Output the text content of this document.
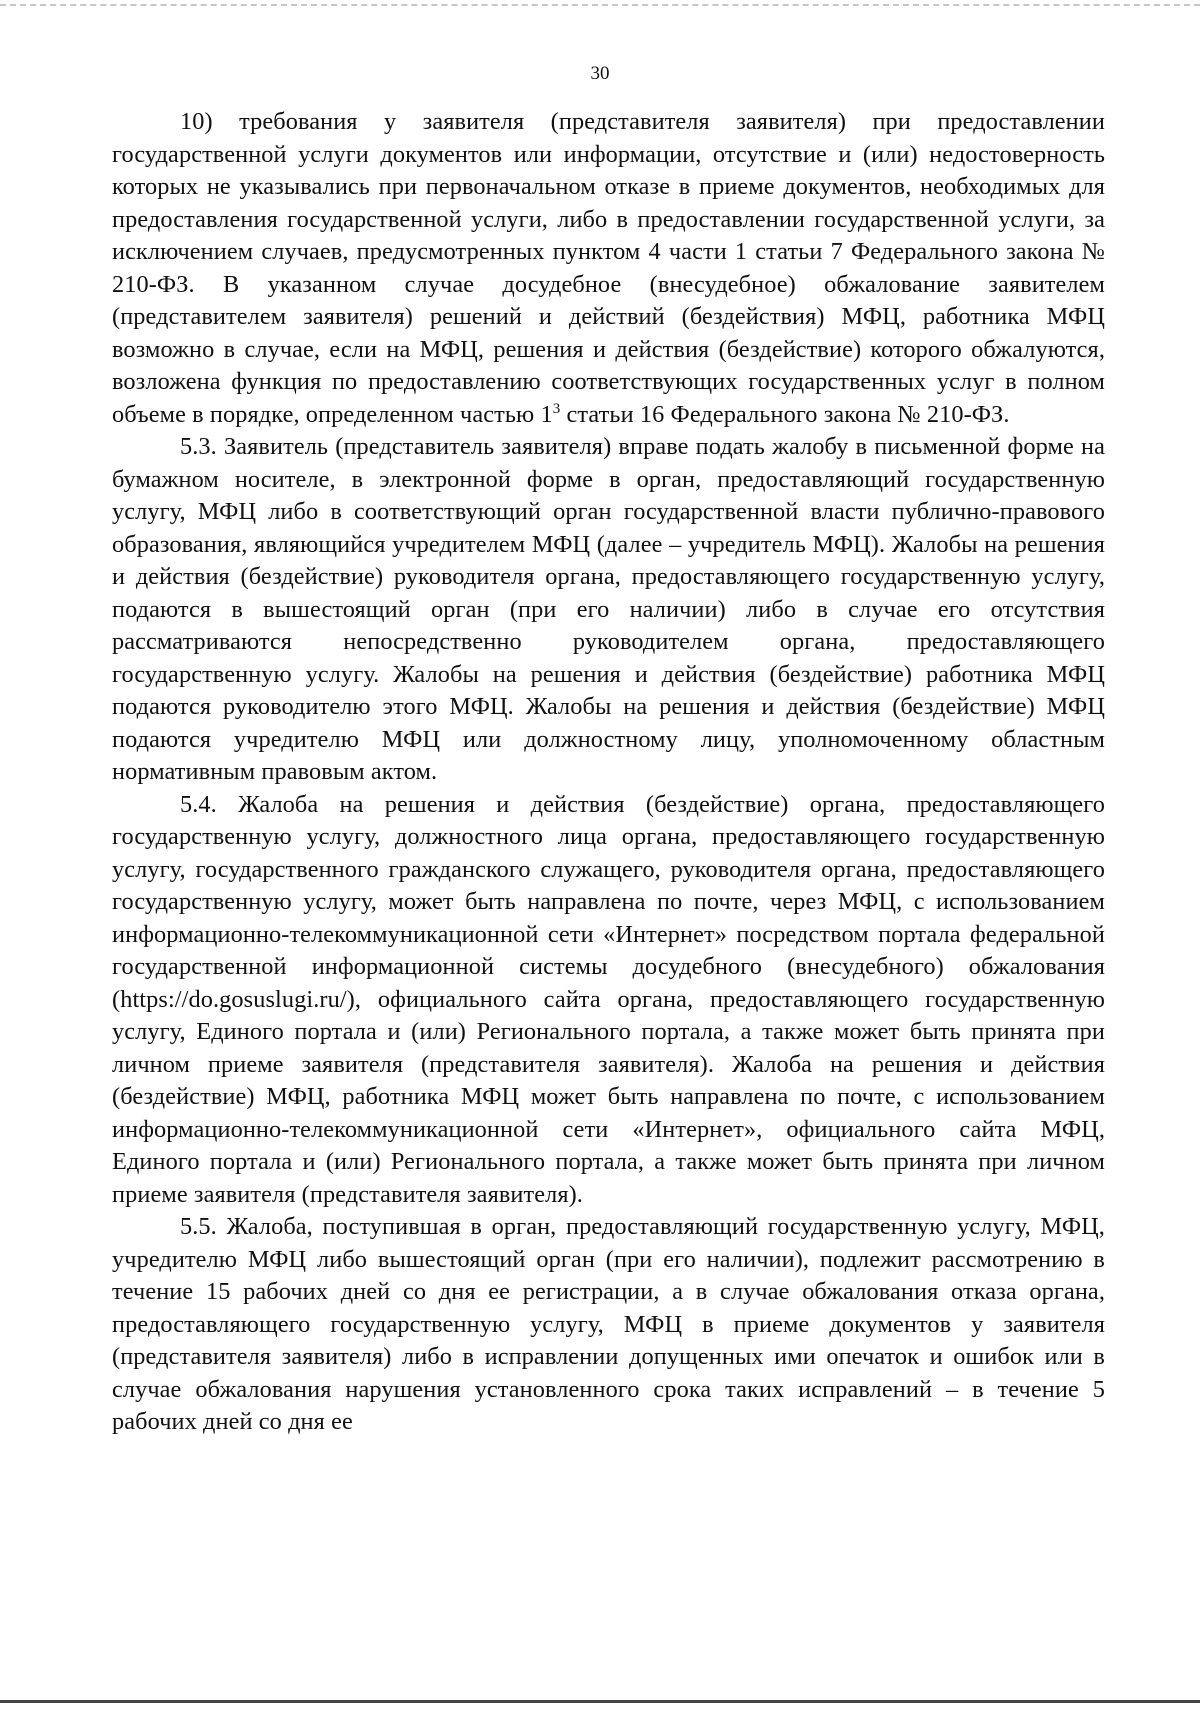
30

10) требования у заявителя (представителя заявителя) при предоставлении государственной услуги документов или информации, отсутствие и (или) недостоверность которых не указывались при первоначальном отказе в приеме документов, необходимых для предоставления государственной услуги, либо в предоставлении государственной услуги, за исключением случаев, предусмотренных пунктом 4 части 1 статьи 7 Федерального закона № 210-ФЗ. В указанном случае досудебное (внесудебное) обжалование заявителем (представителем заявителя) решений и действий (бездействия) МФЦ, работника МФЦ возможно в случае, если на МФЦ, решения и действия (бездействие) которого обжалуются, возложена функция по предоставлению соответствующих государственных услуг в полном объеме в порядке, определенном частью $1^3$ статьи 16 Федерального закона № 210-ФЗ.

5.3. Заявитель (представитель заявителя) вправе подать жалобу в письменной форме на бумажном носителе, в электронной форме в орган, предоставляющий государственную услугу, МФЦ либо в соответствующий орган государственной власти публично-правового образования, являющийся учредителем МФЦ (далее – учредитель МФЦ). Жалобы на решения и действия (бездействие) руководителя органа, предоставляющего государственную услугу, подаются в вышестоящий орган (при его наличии) либо в случае его отсутствия рассматриваются непосредственно руководителем органа, предоставляющего государственную услугу. Жалобы на решения и действия (бездействие) работника МФЦ подаются руководителю этого МФЦ. Жалобы на решения и действия (бездействие) МФЦ подаются учредителю МФЦ или должностному лицу, уполномоченному областным нормативным правовым актом.

5.4. Жалоба на решения и действия (бездействие) органа, предоставляющего государственную услугу, должностного лица органа, предоставляющего государственную услугу, государственного гражданского служащего, руководителя органа, предоставляющего государственную услугу, может быть направлена по почте, через МФЦ, с использованием информационно-телекоммуникационной сети «Интернет» посредством портала федеральной государственной информационной системы досудебного (внесудебного) обжалования (https://do.gosuslugi.ru/), официального сайта органа, предоставляющего государственную услугу, Единого портала и (или) Регионального портала, а также может быть принята при личном приеме заявителя (представителя заявителя). Жалоба на решения и действия (бездействие) МФЦ, работника МФЦ может быть направлена по почте, с использованием информационно-телекоммуникационной сети «Интернет», официального сайта МФЦ, Единого портала и (или) Регионального портала, а также может быть принята при личном приеме заявителя (представителя заявителя).

5.5. Жалоба, поступившая в орган, предоставляющий государственную услугу, МФЦ, учредителю МФЦ либо вышестоящий орган (при его наличии), подлежит рассмотрению в течение 15 рабочих дней со дня ее регистрации, а в случае обжалования отказа органа, предоставляющего государственную услугу, МФЦ в приеме документов у заявителя (представителя заявителя) либо в исправлении допущенных ими опечаток и ошибок или в случае обжалования нарушения установленного срока таких исправлений – в течение 5 рабочих дней со дня ее
